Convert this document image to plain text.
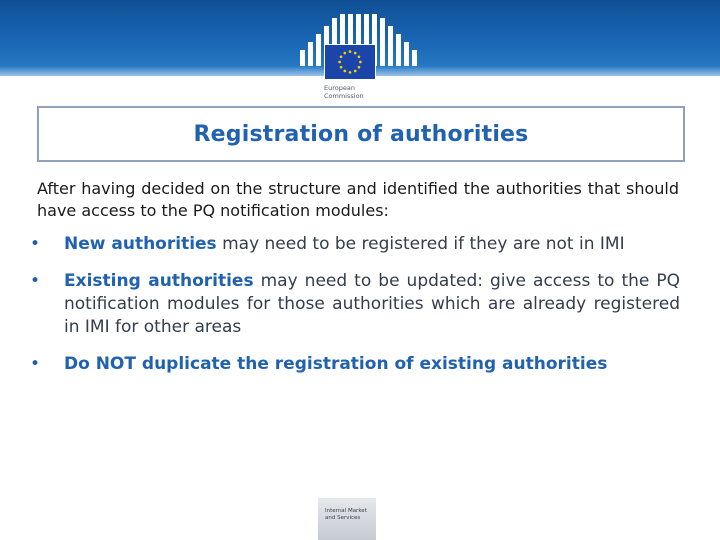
European Commission
Registration of authorities

After having decided on the structure and identified the authorities that should have access to the PQ notification modules:

• New authorities may need to be registered if they are not in IMI
• Existing authorities may need to be updated: give access to the PQ notification modules for those authorities which are already registered in IMI for other areas
• Do NOT duplicate the registration of existing authorities
Internal Market and Services
